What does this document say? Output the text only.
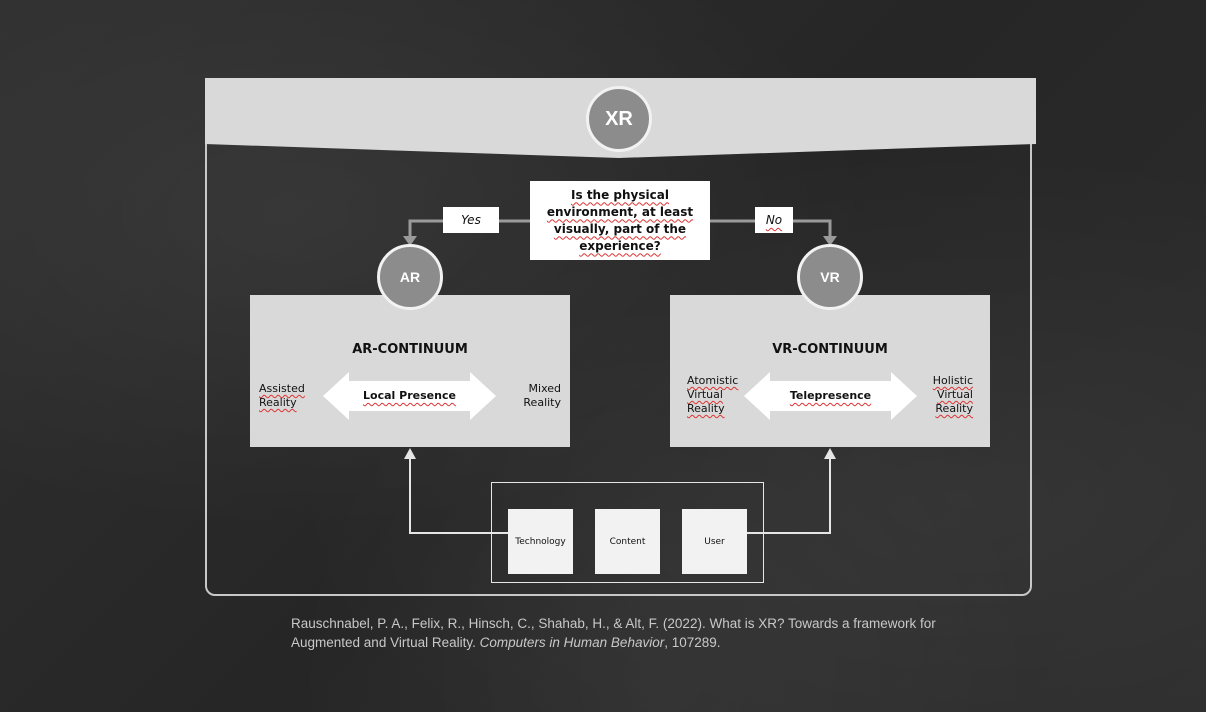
XR
Is the physical
environment, at least
visually, part of the
experience?
Yes	No
AR
AR-CONTINUUM
Assisted
Reality
Mixed
Reality
Local Presence
VR
VR-CONTINUUM
Atomistic
Virtual
Reality
Holistic
Virtual
Reality
Telepresence
Technology	Content	User
Rauschnabel, P. A., Felix, R., Hinsch, C., Shahab, H., & Alt, F. (2022). What is XR? Towards a framework for Augmented and Virtual Reality. Computers in Human Behavior, 107289.
